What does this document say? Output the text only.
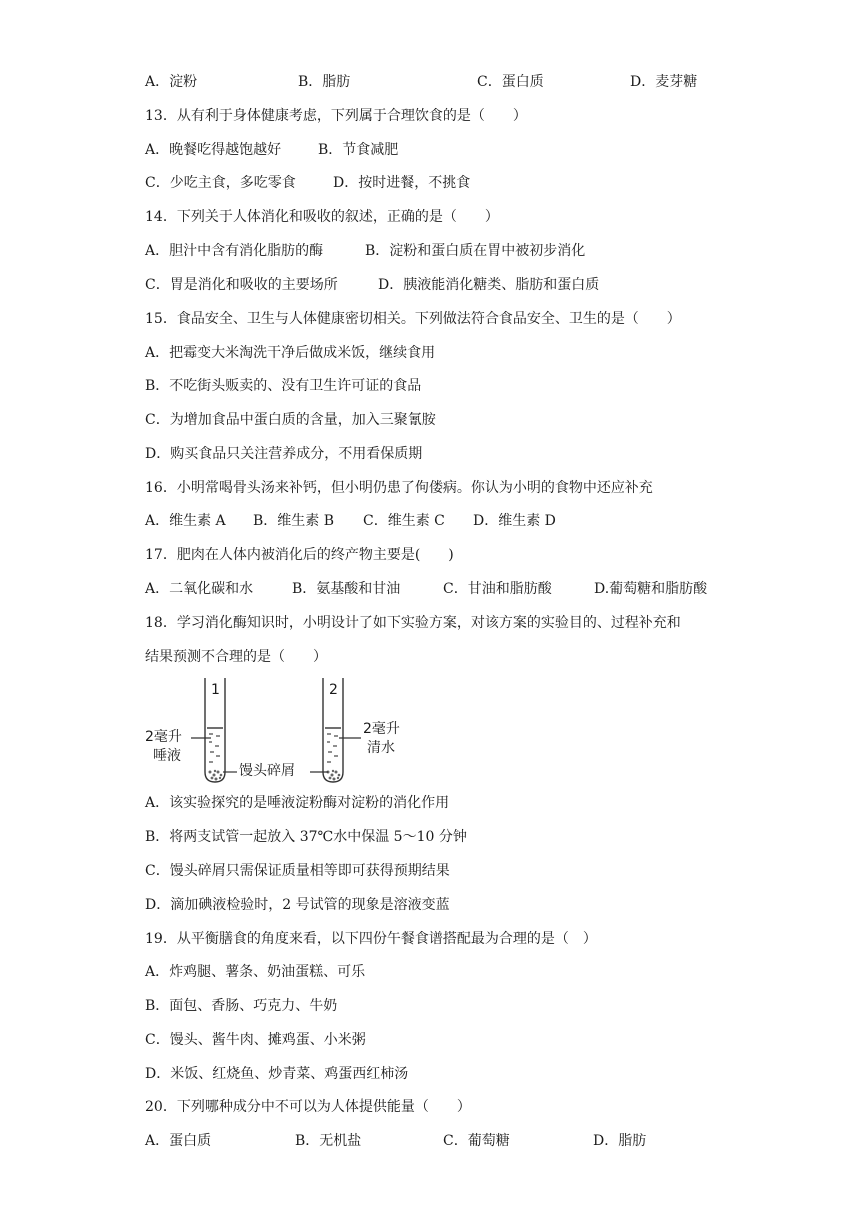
A．淀粉	B．脂肪	C．蛋白质	D．麦芽糖
13．从有利于身体健康考虑，下列属于合理饮食的是（　　）
A．晚餐吃得越饱越好	B．节食减肥
C．少吃主食，多吃零食	D．按时进餐，不挑食
14．下列关于人体消化和吸收的叙述，正确的是（　　）
A．胆汁中含有消化脂肪的酶	B．淀粉和蛋白质在胃中被初步消化
C．胃是消化和吸收的主要场所	D．胰液能消化糖类、脂肪和蛋白质
15．食品安全、卫生与人体健康密切相关。下列做法符合食品安全、卫生的是（　　）
A．把霉变大米淘洗干净后做成米饭，继续食用
B．不吃街头贩卖的、没有卫生许可证的食品
C．为增加食品中蛋白质的含量，加入三聚氰胺
D．购买食品只关注营养成分，不用看保质期
16．小明常喝骨头汤来补钙，但小明仍患了佝偻病。你认为小明的食物中还应补充
A．维生素 A B．维生素 B C．维生素 C D．维生素 D
17．肥肉在人体内被消化后的终产物主要是(　　)
A．二氧化碳和水	B．氨基酸和甘油	C．甘油和脂肪酸	D.葡萄糖和脂肪酸
18．学习消化酶知识时，小明设计了如下实验方案，对该方案的实验目的、过程补充和
结果预测不合理的是（　　）
1	2
2毫升
唾液
2毫升
清水
馒头碎屑
A．该实验探究的是唾液淀粉酶对淀粉的消化作用
B．将两支试管一起放入 37℃水中保温 5～10 分钟
C．馒头碎屑只需保证质量相等即可获得预期结果
D．滴加碘液检验时，2 号试管的现象是溶液变蓝
19．从平衡膳食的角度来看，以下四份午餐食谱搭配最为合理的是（　）
A．炸鸡腿、薯条、奶油蛋糕、可乐
B．面包、香肠、巧克力、牛奶
C．馒头、酱牛肉、摊鸡蛋、小米粥
D．米饭、红烧鱼、炒青菜、鸡蛋西红柿汤
20．下列哪种成分中不可以为人体提供能量（　　）
A．蛋白质	B．无机盐	C．葡萄糖	D．脂肪
